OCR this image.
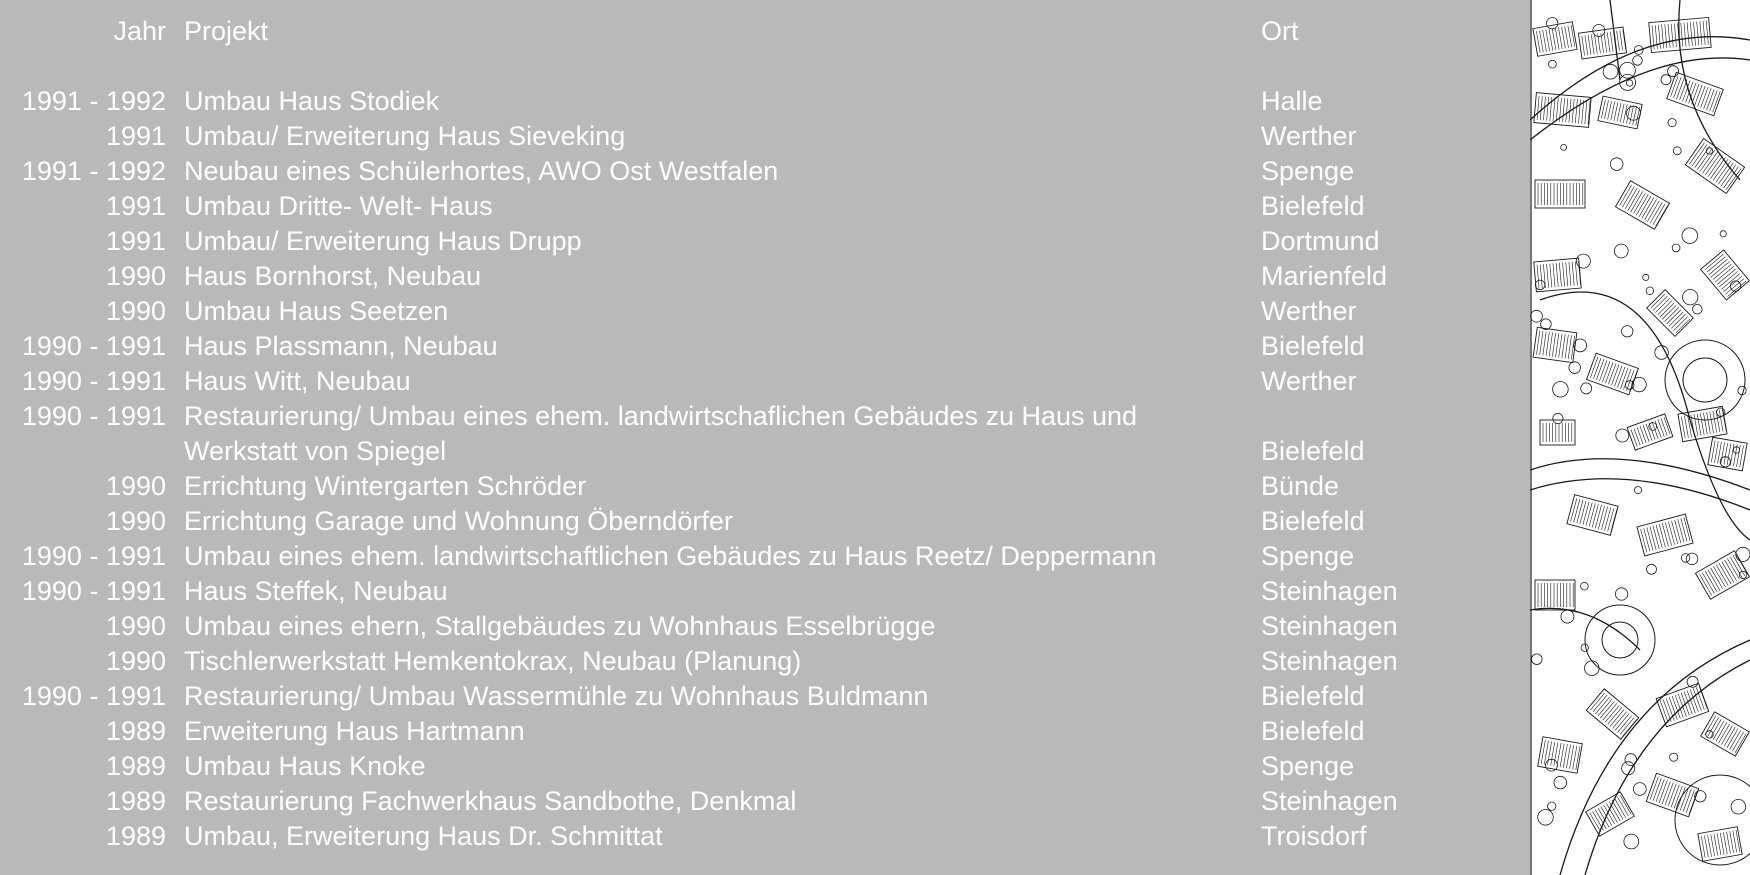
Jahr Projekt	Ort
1991 - 1992 Umbau Haus Stodiek	Halle
1991 Umbau/ Erweiterung Haus Sieveking	Werther
1991 - 1992 Neubau eines Schülerhortes, AWO Ost Westfalen	Spenge
1991 Umbau Dritte- Welt- Haus	Bielefeld
1991 Umbau/ Erweiterung Haus Drupp	Dortmund
1990 Haus Bornhorst, Neubau	Marienfeld
1990 Umbau Haus Seetzen	Werther
1990 - 1991 Haus Plassmann, Neubau	Bielefeld
1990 - 1991 Haus Witt, Neubau	Werther
1990 - 1991 Restaurierung/ Umbau eines ehem. landwirtschaflichen Gebäudes zu Haus und
Werkstatt von Spiegel	Bielefeld
1990 Errichtung Wintergarten Schröder	Bünde
1990 Errichtung Garage und Wohnung Öberndörfer	Bielefeld
1990 - 1991 Umbau eines ehem. landwirtschaftlichen Gebäudes zu Haus Reetz/ Deppermann	Spenge
1990 - 1991 Haus Steffek, Neubau	Steinhagen
1990 Umbau eines ehern, Stallgebäudes zu Wohnhaus Esselbrügge	Steinhagen
1990 Tischlerwerkstatt Hemkentokrax, Neubau (Planung)	Steinhagen
1990 - 1991 Restaurierung/ Umbau Wassermühle zu Wohnhaus Buldmann	Bielefeld
1989 Erweiterung Haus Hartmann	Bielefeld
1989 Umbau Haus Knoke	Spenge
1989 Restaurierung Fachwerkhaus Sandbothe, Denkmal	Steinhagen
1989 Umbau, Erweiterung Haus Dr. Schmittat	Troisdorf
